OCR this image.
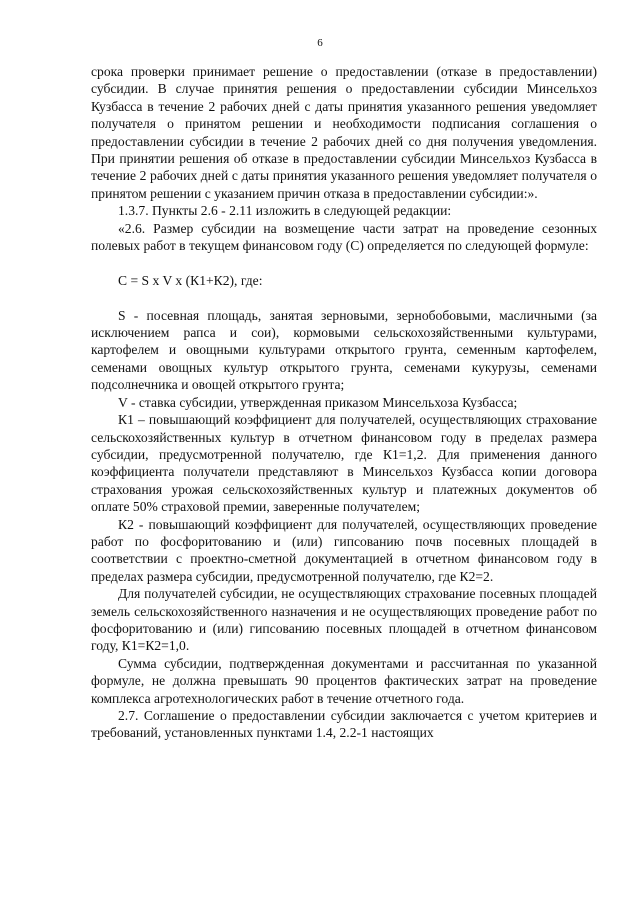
6

срока проверки принимает решение о предоставлении (отказе в предоставлении) субсидии. В случае принятия решения о предоставлении субсидии Минсельхоз Кузбасса в течение 2 рабочих дней с даты принятия указанного решения уведомляет получателя о принятом решении и необходимости подписания соглашения о предоставлении субсидии в течение 2 рабочих дней со дня получения уведомления. При принятии решения об отказе в предоставлении субсидии Минсельхоз Кузбасса в течение 2 рабочих дней с даты принятия указанного решения уведомляет получателя о принятом решении с указанием причин отказа в предоставлении субсидии:».

1.3.7. Пункты 2.6 - 2.11 изложить в следующей редакции:

«2.6. Размер субсидии на возмещение части затрат на проведение сезонных полевых работ в текущем финансовом году (С) определяется по следующей формуле:

С = S x V x (К1+К2), где:

S - посевная площадь, занятая зерновыми, зернобобовыми, масличными (за исключением рапса и сои), кормовыми сельскохозяйственными культурами, картофелем и овощными культурами открытого грунта, семенным картофелем, семенами овощных культур открытого грунта, семенами кукурузы, семенами подсолнечника и овощей открытого грунта;

V - ставка субсидии, утвержденная приказом Минсельхоза Кузбасса;

К1 – повышающий коэффициент для получателей, осуществляющих страхование сельскохозяйственных культур в отчетном финансовом году в пределах размера субсидии, предусмотренной получателю, где К1=1,2. Для применения данного коэффициента получатели представляют в Минсельхоз Кузбасса копии договора страхования урожая сельскохозяйственных культур и платежных документов об оплате 50% страховой премии, заверенные получателем;

К2 - повышающий коэффициент для получателей, осуществляющих проведение работ по фосфоритованию и (или) гипсованию почв посевных площадей в соответствии с проектно-сметной документацией в отчетном финансовом году в пределах размера субсидии, предусмотренной получателю, где К2=2.

Для получателей субсидии, не осуществляющих страхование посевных площадей земель сельскохозяйственного назначения и не осуществляющих проведение работ по фосфоритованию и (или) гипсованию посевных площадей в отчетном финансовом году, К1=К2=1,0.

Сумма субсидии, подтвержденная документами и рассчитанная по указанной формуле, не должна превышать 90 процентов фактических затрат на проведение комплекса агротехнологических работ в течение отчетного года.

2.7. Соглашение о предоставлении субсидии заключается с учетом критериев и требований, установленных пунктами 1.4, 2.2-1 настоящих
